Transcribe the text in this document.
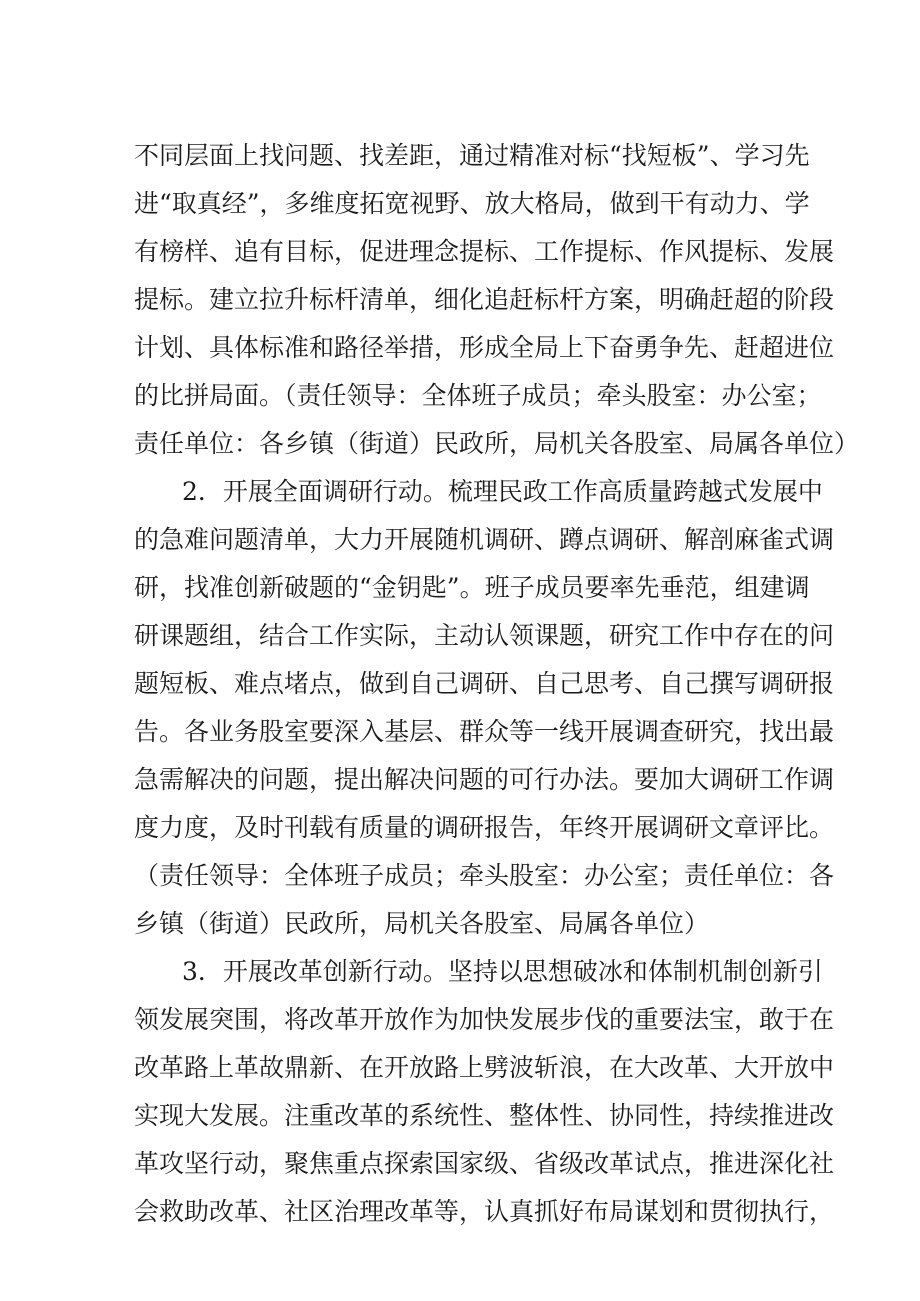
不同层面上找问题、找差距，通过精准对标“找短板”、学习先
进“取真经”，多维度拓宽视野、放大格局，做到干有动力、学
有榜样、追有目标，促进理念提标、工作提标、作风提标、发展
提标。建立拉升标杆清单，细化追赶标杆方案，明确赶超的阶段
计划、具体标准和路径举措，形成全局上下奋勇争先、赶超进位
的比拼局面。（责任领导：全体班子成员；牵头股室：办公室；
责任单位：各乡镇（街道）民政所，局机关各股室、局属各单位）
2．开展全面调研行动。梳理民政工作高质量跨越式发展中
的急难问题清单，大力开展随机调研、蹲点调研、解剖麻雀式调
研，找准创新破题的“金钥匙”。班子成员要率先垂范，组建调
研课题组，结合工作实际，主动认领课题，研究工作中存在的问
题短板、难点堵点，做到自己调研、自己思考、自己撰写调研报
告。各业务股室要深入基层、群众等一线开展调查研究，找出最
急需解决的问题，提出解决问题的可行办法。要加大调研工作调
度力度，及时刊载有质量的调研报告，年终开展调研文章评比。
（责任领导：全体班子成员；牵头股室：办公室；责任单位：各
乡镇（街道）民政所，局机关各股室、局属各单位）
3．开展改革创新行动。坚持以思想破冰和体制机制创新引
领发展突围，将改革开放作为加快发展步伐的重要法宝，敢于在
改革路上革故鼎新、在开放路上劈波斩浪，在大改革、大开放中
实现大发展。注重改革的系统性、整体性、协同性，持续推进改
革攻坚行动，聚焦重点探索国家级、省级改革试点，推进深化社
会救助改革、社区治理改革等，认真抓好布局谋划和贯彻执行，
